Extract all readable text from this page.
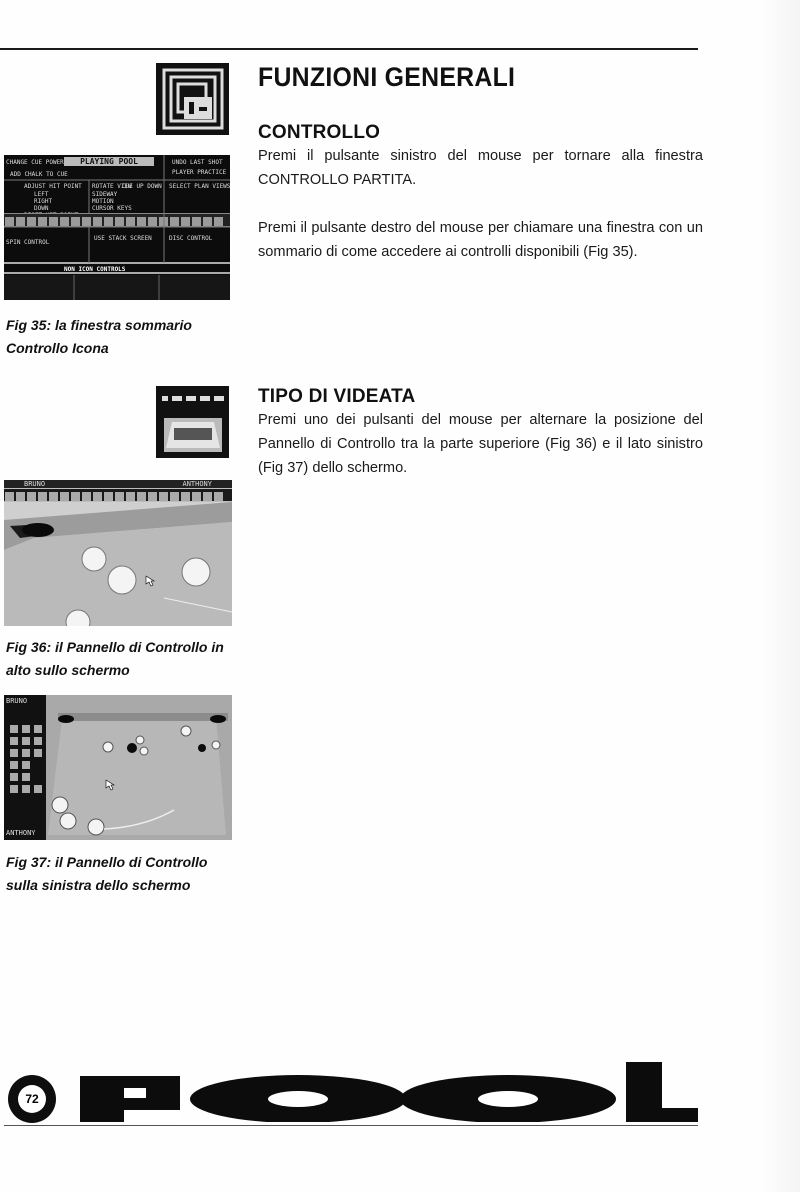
FUNZIONI GENERALI
CONTROLLO
Premi il pulsante sinistro del mouse per tornare alla finestra CONTROLLO PARTITA.
Premi il pulsante destro del mouse per chiamare una finestra con un sommario di come accedere ai controlli disponibili (Fig 35).
PLAYING POOL
CHANGE CUE POWER
ADD CHALK TO CUE
ADJUST HIT POINT
LEFT
RIGHT
DOWN
ROTATE VIEW
CUE UP DOWN
SIDEWAY
MOTION
CURSOR KEYS
UNDO LAST SHOT
PLAYER PRACTICE
SELECT PLAN VIEWS
SPIN CONTROL
USE STACK SCREEN	DISC CONTROL
NON ICON CONTROLS
Fig 35: la finestra sommario Controllo Icona
TIPO DI VIDEATA
Premi uno dei pulsanti del mouse per alternare la posizione del Pannello di Controllo tra la parte superiore (Fig 36) e il lato sinistro (Fig 37) dello schermo.
BRUNO	ANTHONY
Fig 36: il Pannello di Controllo in alto sullo schermo
BRUNO
ANTHONY
Fig 37: il Pannello di Controllo sulla sinistra dello schermo
72
